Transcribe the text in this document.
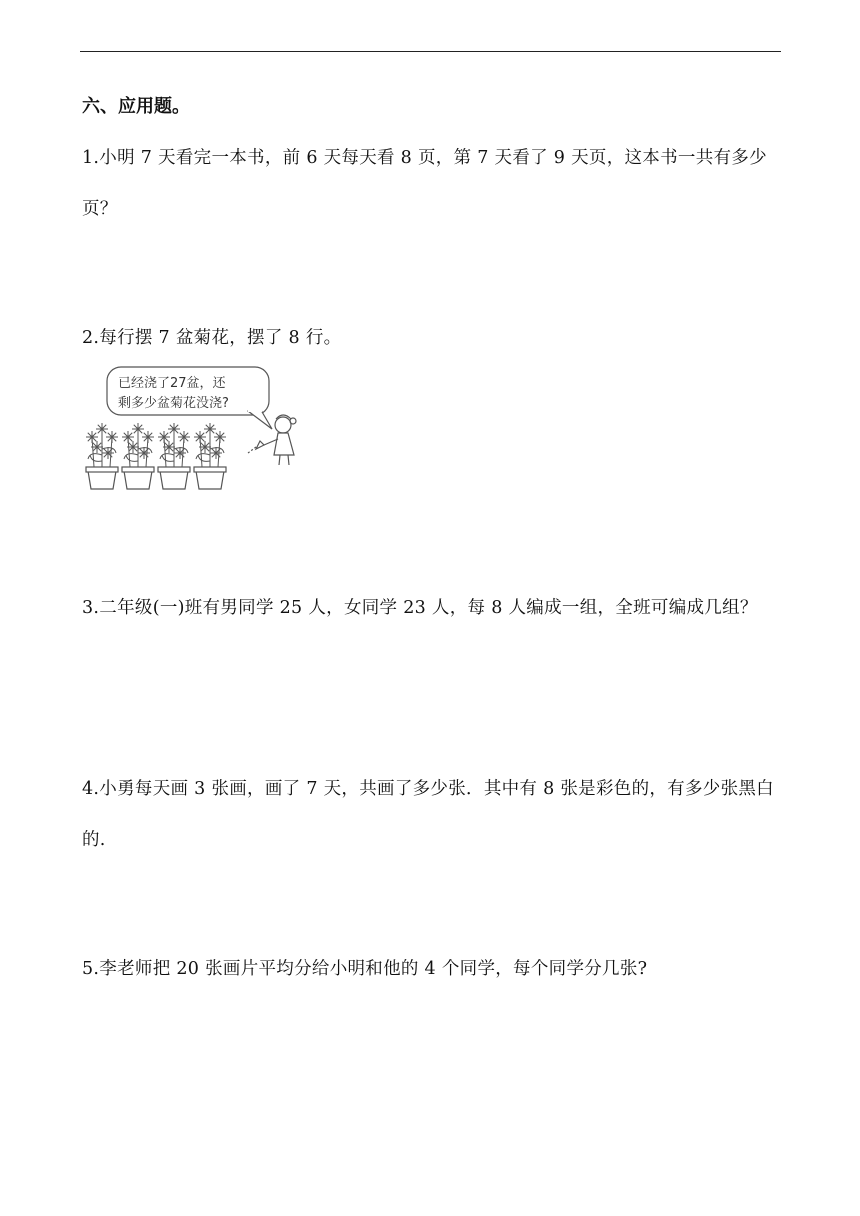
六、应用题。
1.小明 7 天看完一本书，前 6 天每天看 8 页，第 7 天看了 9 天页，这本书一共有多少页？
2.每行摆 7 盆菊花，摆了 8 行。
已经浇了27盆，还
剩多少盆菊花没浇?
3.二年级(一)班有男同学 25 人，女同学 23 人，每 8 人编成一组，全班可编成几组？
4.小勇每天画 3 张画，画了 7 天，共画了多少张．其中有 8 张是彩色的，有多少张黑白的.
5.李老师把 20 张画片平均分给小明和他的 4 个同学，每个同学分几张?
